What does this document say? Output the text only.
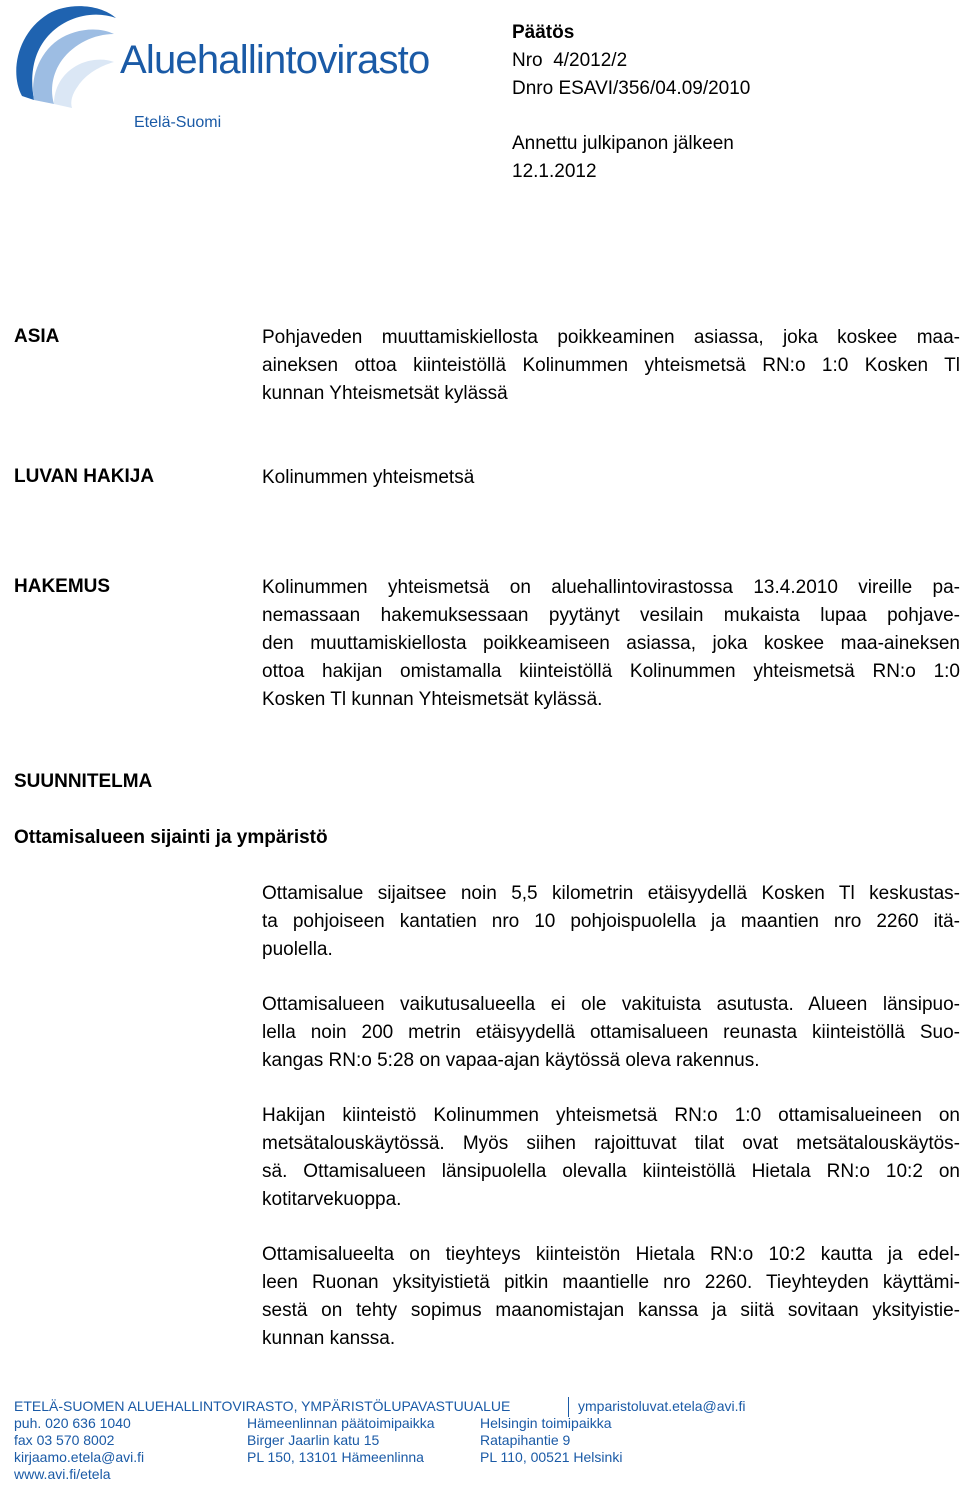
Aluehallintovirasto
Etelä-Suomi
Päätös
Nro 4/2012/2
Dnro ESAVI/356/04.09/2010
Annettu julkipanon jälkeen
12.1.2012
ASIA	Pohjaveden muuttamiskiellosta poikkeaminen asiassa, joka koskee maa-
aineksen ottoa kiinteistöllä Kolinummen yhteismetsä RN:o 1:0 Kosken Tl
kunnan Yhteismetsät kylässä
LUVAN HAKIJA	Kolinummen yhteismetsä
HAKEMUS	Kolinummen yhteismetsä on aluehallintovirastossa 13.4.2010 vireille pa-
nemassaan hakemuksessaan pyytänyt vesilain mukaista lupaa pohjave-
den muuttamiskiellosta poikkeamiseen asiassa, joka koskee maa-aineksen
ottoa hakijan omistamalla kiinteistöllä Kolinummen yhteismetsä RN:o 1:0
Kosken Tl kunnan Yhteismetsät kylässä.
SUUNNITELMA
Ottamisalueen sijainti ja ympäristö
Ottamisalue sijaitsee noin 5,5 kilometrin etäisyydellä Kosken Tl keskustas-
ta pohjoiseen kantatien nro 10 pohjoispuolella ja maantien nro 2260 itä-
puolella.
Ottamisalueen vaikutusalueella ei ole vakituista asutusta. Alueen länsipuo-
lella noin 200 metrin etäisyydellä ottamisalueen reunasta kiinteistöllä Suo-
kangas RN:o 5:28 on vapaa-ajan käytössä oleva rakennus.
Hakijan kiinteistö Kolinummen yhteismetsä RN:o 1:0 ottamisalueineen on
metsätalouskäytössä. Myös siihen rajoittuvat tilat ovat metsätalouskäytös-
sä. Ottamisalueen länsipuolella olevalla kiinteistöllä Hietala RN:o 10:2 on
kotitarvekuoppa.
Ottamisalueelta on tieyhteys kiinteistön Hietala RN:o 10:2 kautta ja edel-
leen Ruonan yksityistietä pitkin maantielle nro 2260. Tieyhteyden käyttämi-
sestä on tehty sopimus maanomistajan kanssa ja siitä sovitaan yksityistie-
kunnan kanssa.
ETELÄ-SUOMEN ALUEHALLINTOVIRASTO, YMPÄRISTÖLUPAVASTUUALUE	ymparistoluvat.etela@avi.fi
puh. 020 636 1040
fax 03 570 8002
kirjaamo.etela@avi.fi
www.avi.fi/etela
Hämeenlinnan päätoimipaikka
Birger Jaarlin katu 15
PL 150, 13101 Hämeenlinna
Helsingin toimipaikka
Ratapihantie 9
PL 110, 00521 Helsinki
